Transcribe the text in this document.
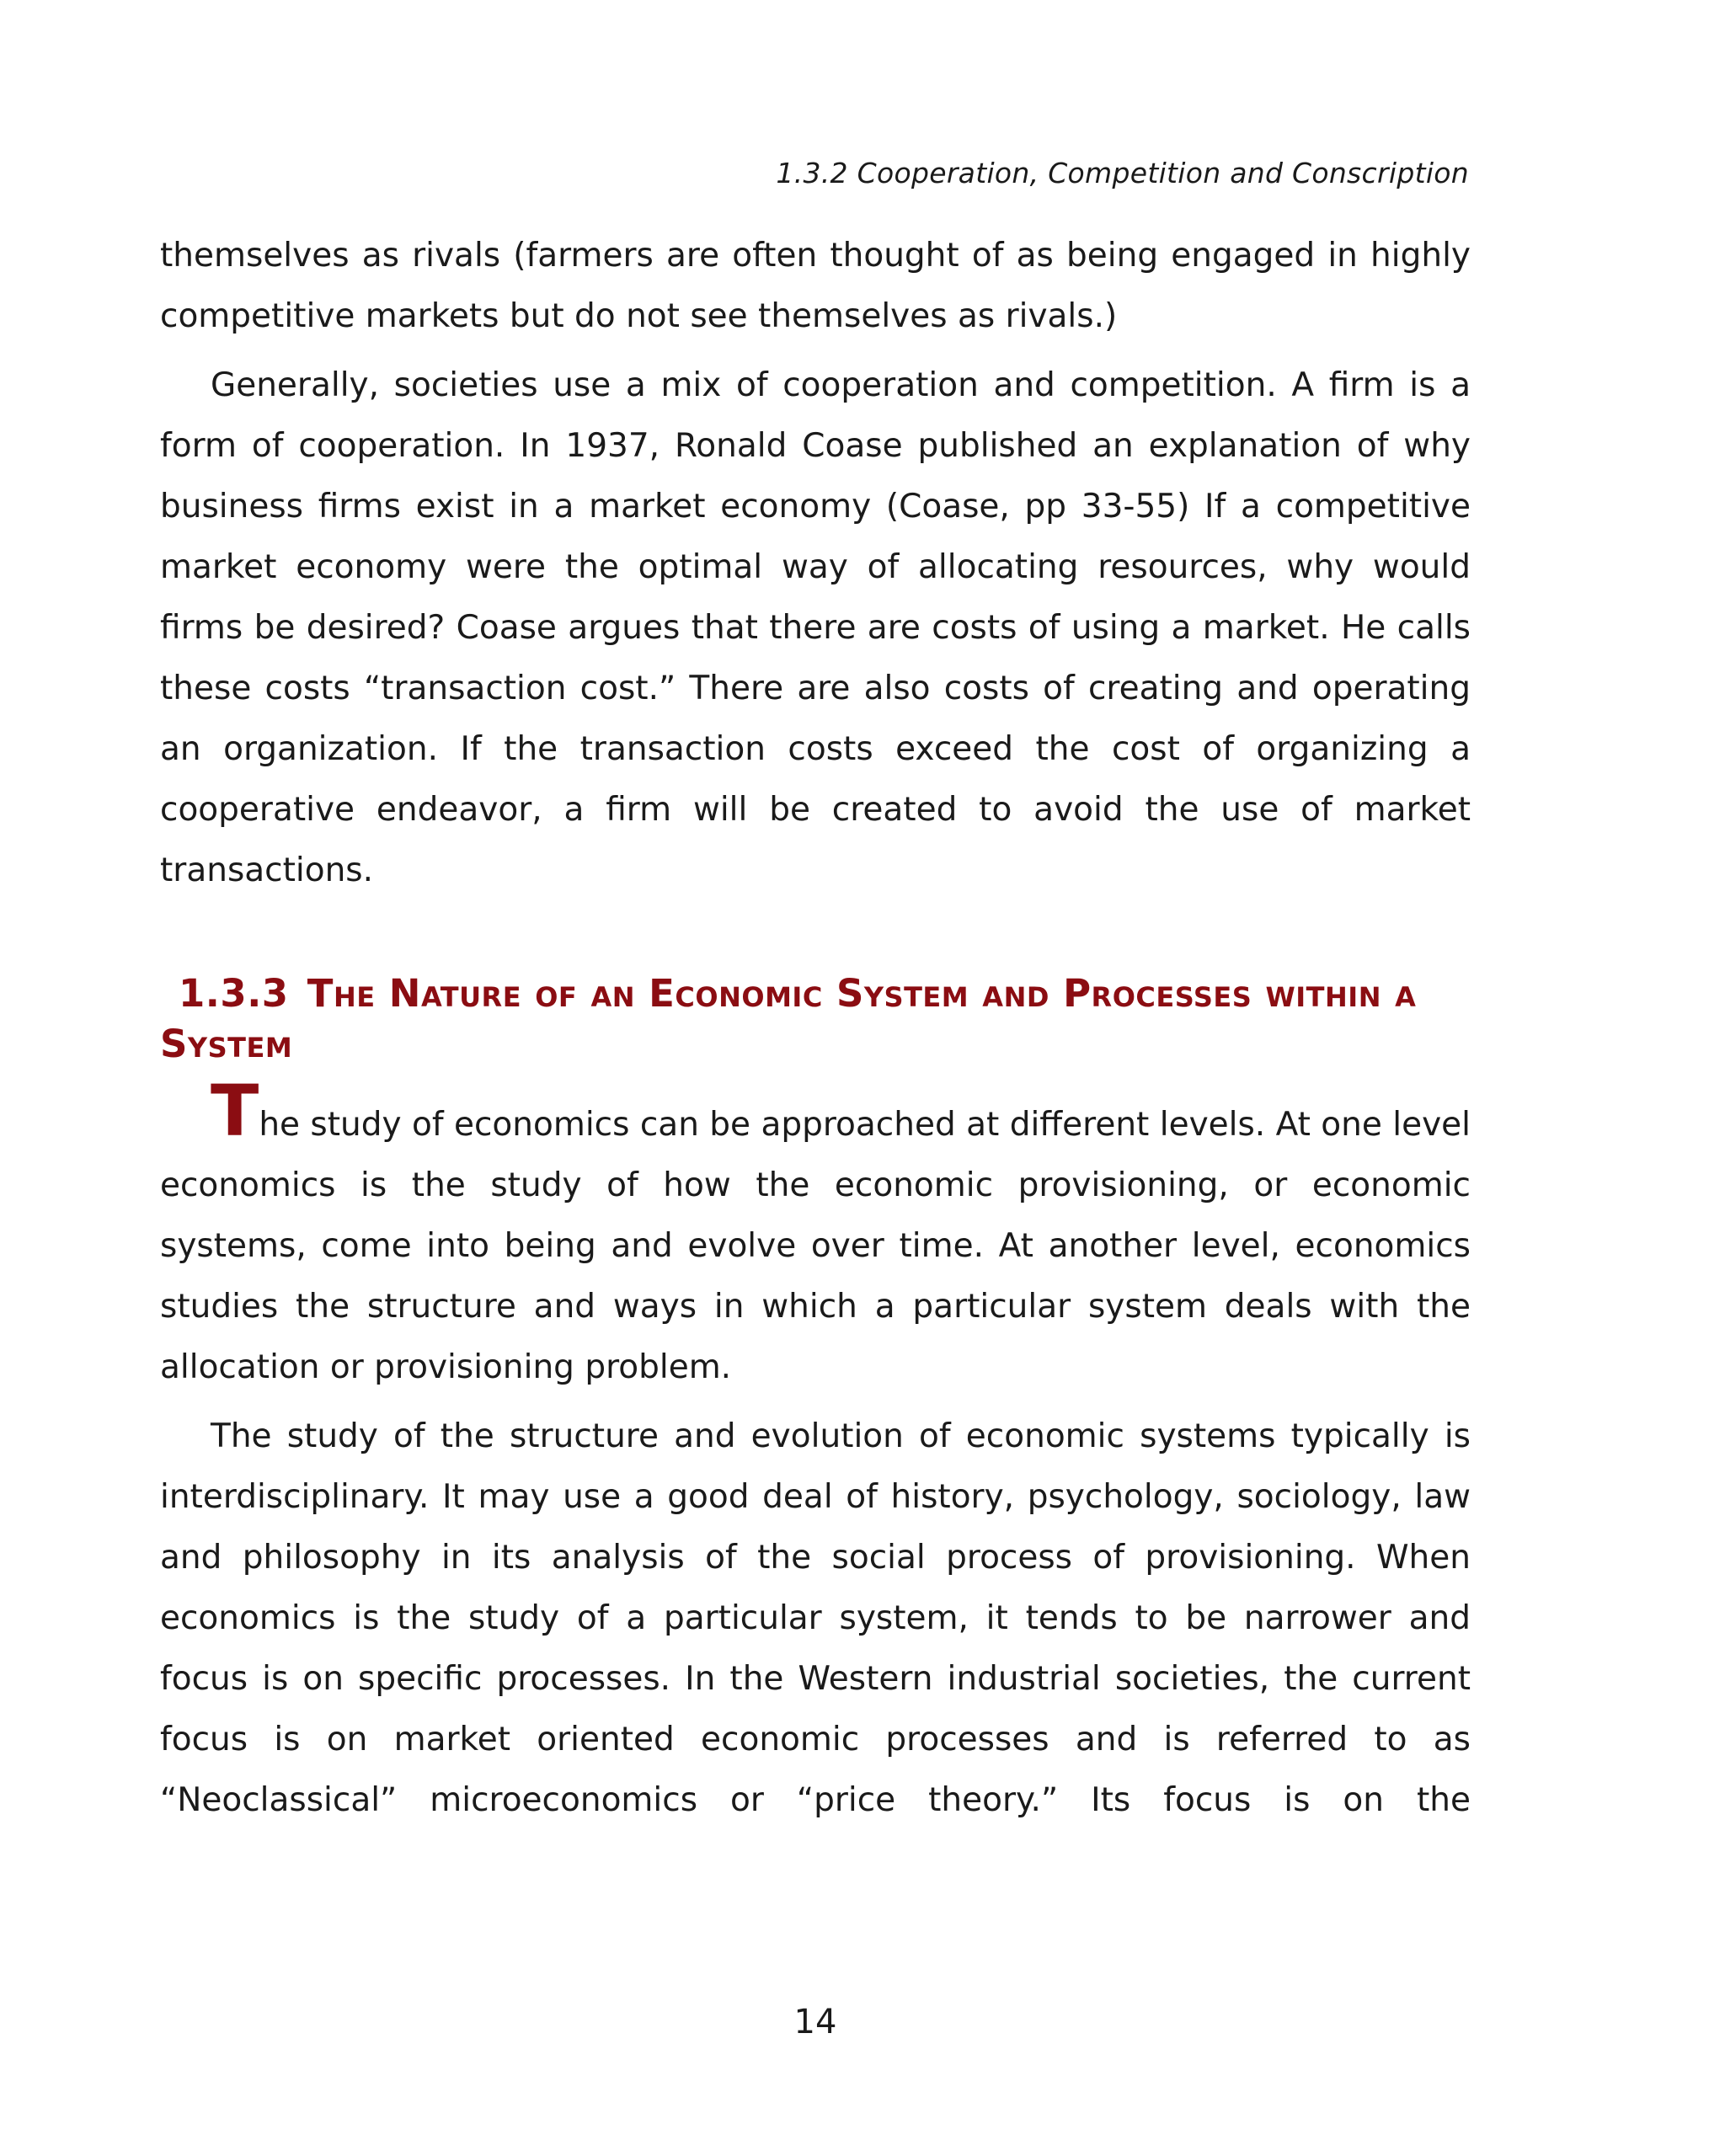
1.3.2 Cooperation, Competition and Conscription

themselves as rivals (farmers are often thought of as being engaged in highly competitive markets but do not see themselves as rivals.)

Generally, societies use a mix of cooperation and competition. A firm is a form of cooperation. In 1937, Ronald Coase published an explanation of why business firms exist in a market economy (Coase, pp 33-55) If a competitive market economy were the optimal way of allocating resources, why would firms be desired? Coase argues that there are costs of using a market. He calls these costs “transaction cost.” There are also costs of creating and operating an organization. If the transaction costs exceed the cost of organizing a cooperative endeavor, a firm will be created to avoid the use of market transactions.

1.3.3 The Nature of an Economic System and Processes within a System

The study of economics can be approached at different levels. At one level economics is the study of how the economic provisioning, or economic systems, come into being and evolve over time. At another level, economics studies the structure and ways in which a particular system deals with the allocation or provisioning problem.

The study of the structure and evolution of economic systems typically is interdisciplinary. It may use a good deal of history, psychology, sociology, law and philosophy in its analysis of the social process of provisioning. When economics is the study of a particular system, it tends to be narrower and focus is on specific processes. In the Western industrial societies, the current focus is on market oriented economic processes and is referred to as “Neoclassical” microeconomics or “price theory.” Its focus is on the

14
